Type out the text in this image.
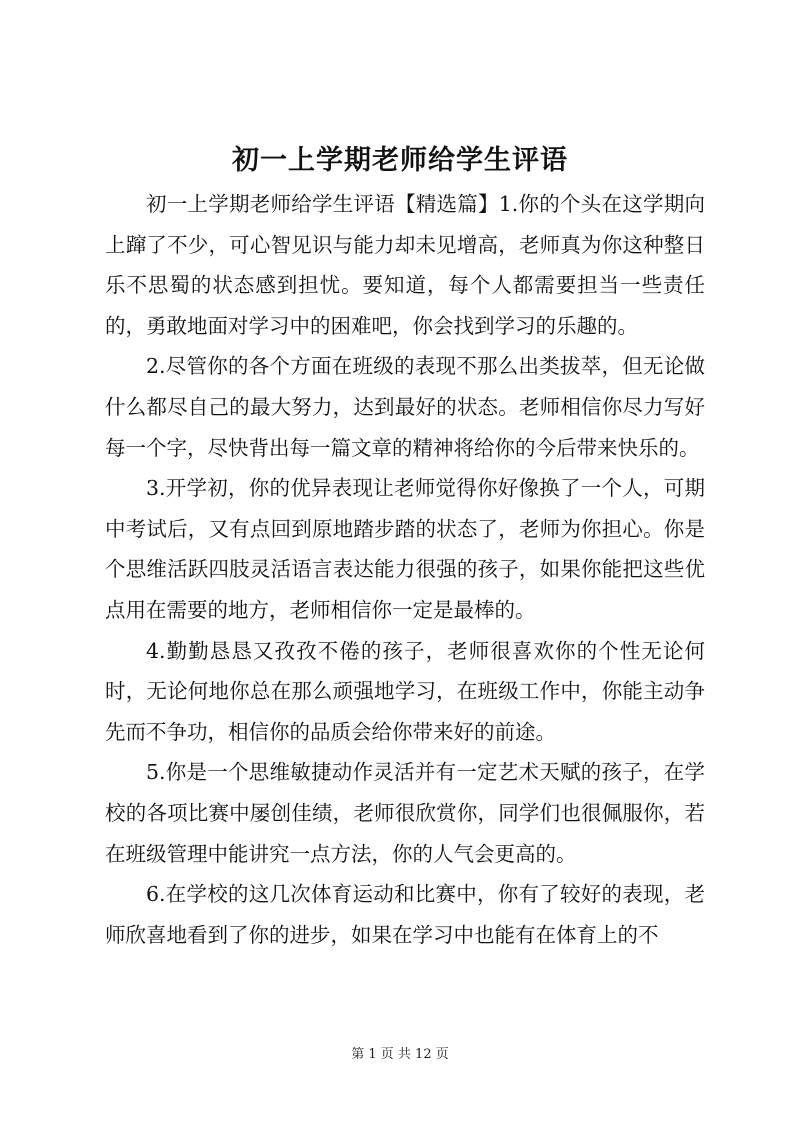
初一上学期老师给学生评语

初一上学期老师给学生评语【精选篇】1.你的个头在这学期向上蹿了不少，可心智见识与能力却未见增高，老师真为你这种整日乐不思蜀的状态感到担忧。要知道，每个人都需要担当一些责任的，勇敢地面对学习中的困难吧，你会找到学习的乐趣的。

2.尽管你的各个方面在班级的表现不那么出类拔萃，但无论做什么都尽自己的最大努力，达到最好的状态。老师相信你尽力写好每一个字，尽快背出每一篇文章的精神将给你的今后带来快乐的。

3.开学初，你的优异表现让老师觉得你好像换了一个人，可期中考试后，又有点回到原地踏步踏的状态了，老师为你担心。你是个思维活跃四肢灵活语言表达能力很强的孩子，如果你能把这些优点用在需要的地方，老师相信你一定是最棒的。

4.勤勤恳恳又孜孜不倦的孩子，老师很喜欢你的个性无论何时，无论何地你总在那么顽强地学习，在班级工作中，你能主动争先而不争功，相信你的品质会给你带来好的前途。

5.你是一个思维敏捷动作灵活并有一定艺术天赋的孩子，在学校的各项比赛中屡创佳绩，老师很欣赏你，同学们也很佩服你，若在班级管理中能讲究一点方法，你的人气会更高的。

6.在学校的这几次体育运动和比赛中，你有了较好的表现，老师欣喜地看到了你的进步，如果在学习中也能有在体育上的不

第 1 页 共 12 页
